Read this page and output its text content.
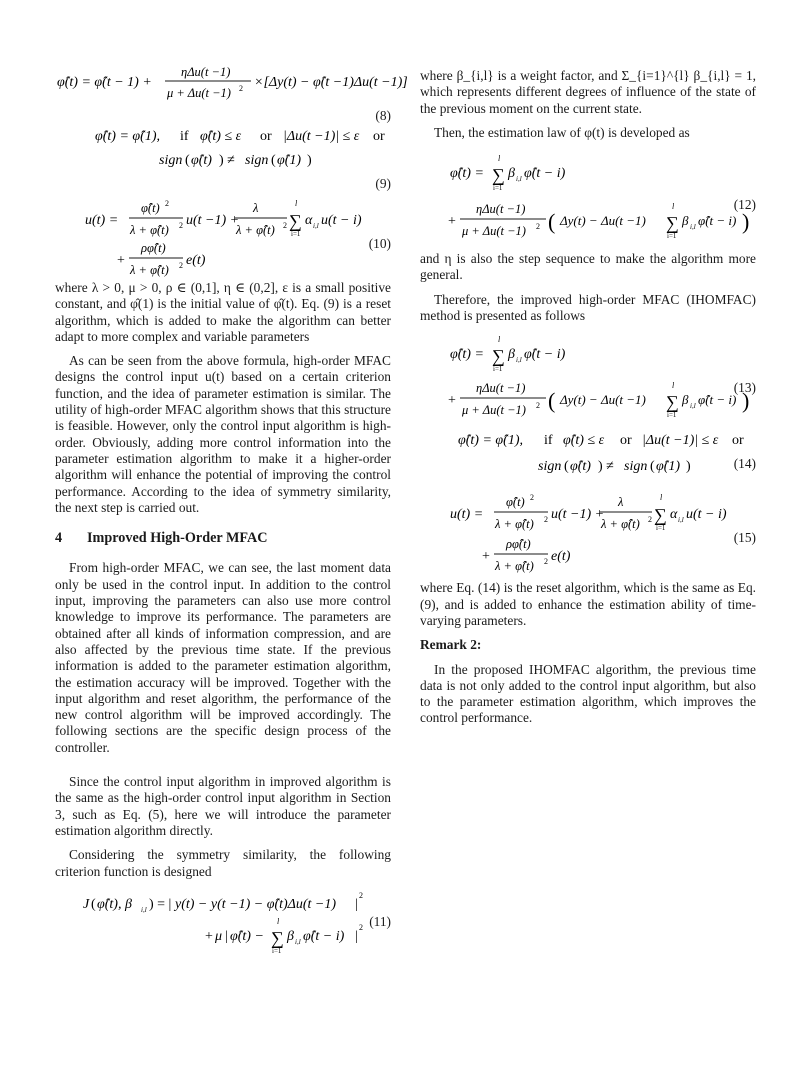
φ̂(t) = φ̂(t − 1) +
ηΔu(t −1)
μ + Δu(t −1) 2 ×[Δy(t) − φ̂(t −1)Δu(t −1)]
(8)
φ̂(t) = φ̂(1), if φ̂(t) ≤ ε or |Δu(t −1)| ≤ ε or
sign ( φ̂(t) ) ≠ sign ( φ̂(1) )
(9)
u(t) =
φ̂(t) 2
λ + φ̂(t) 2 u(t −1) +
λ
λ + φ̂(t) 2
l
∑
i=1
α i,l u(t − i)
+
ρφ̂(t)
λ + φ̂(t) 2 e(t)
(10)

where λ > 0, μ > 0, ρ ∈ (0,1], η ∈ (0,2], ε is a small positive constant, and φ̂(1) is the initial value of φ̂(t). Eq. (9) is a reset algorithm, which is added to make the algorithm can better adapt to more complex and variable parameters

As can be seen from the above formula, high-order MFAC designs the control input u(t) based on a certain criterion function, and the idea of parameter estimation is similar. The utility of high-order MFAC algorithm shows that this structure is feasible. However, only the control input algorithm is high-order. Obviously, adding more control information into the parameter estimation algorithm to make it a higher-order algorithm will enhance the potential of improving the control performance. According to the idea of symmetry similarity, the next step is carried out.

4 Improved High-Order MFAC

From high-order MFAC, we can see, the last moment data only be used in the control input. In addition to the control input, improving the parameters can also use more control knowledge to improve its performance. The parameters are obtained after all kinds of information compression, and are also affected by the previous time state. If the previous information is added to the parameter estimation algorithm, the estimation accuracy will be improved. Together with the input algorithm and reset algorithm, the performance of the new control algorithm will be improved accordingly. The following sections are the specific design process of the controller.

Since the control input algorithm in improved algorithm is the same as the high-order control input algorithm in Section 3, such as Eq. (5), here we will introduce the parameter estimation algorithm directly.

Considering the symmetry similarity, the following criterion function is designed

J ( φ̂(t), β i,l ) = | y(t) − y(t −1) − φ̂(t)Δu(t −1) |
2
+ μ | φ̂(t) −
l
∑
i=1
β i,l φ̂(t − i) |
2 (11)

where β_{i,l} is a weight factor, and Σ_{i=1}^{l} β_{i,l} = 1, which represents different degrees of influence of the state of the previous moment on the current state.

Then, the estimation law of φ(t) is developed as

φ̂(t) =
l
∑
i=1
β i,l φ̂(t − i)
+
ηΔu(t −1)
μ + Δu(t −1) 2 ( Δy(t) − Δu(t −1)
l
∑
i=1
β i,l φ̂(t − i) )
(12)

and η is also the step sequence to make the algorithm more general.

Therefore, the improved high-order MFAC (IHOMFAC) method is presented as follows

φ̂(t) =
l
∑
i=1
β i,l φ̂(t − i)
+
ηΔu(t −1)
μ + Δu(t −1) 2 ( Δy(t) − Δu(t −1)
l
∑
i=1
β i,l φ̂(t − i) )
(13)
φ̂(t) = φ̂(1), if φ̂(t) ≤ ε or |Δu(t −1)| ≤ ε or
sign ( φ̂(t) ) ≠ sign ( φ̂(1) )	(14)
u(t) =
φ̂(t) 2
λ + φ̂(t) 2 u(t −1) +
λ
λ + φ̂(t) 2
l
∑
i=1
α i,l u(t − i)
+
ρφ̂(t)
λ + φ̂(t) 2 e(t)
(15)

where Eq. (14) is the reset algorithm, which is the same as Eq. (9), and is added to enhance the estimation ability of time-varying parameters.

Remark 2:

In the proposed IHOMFAC algorithm, the previous time data is not only added to the control input algorithm, but also to the parameter estimation algorithm, which improves the control performance.
